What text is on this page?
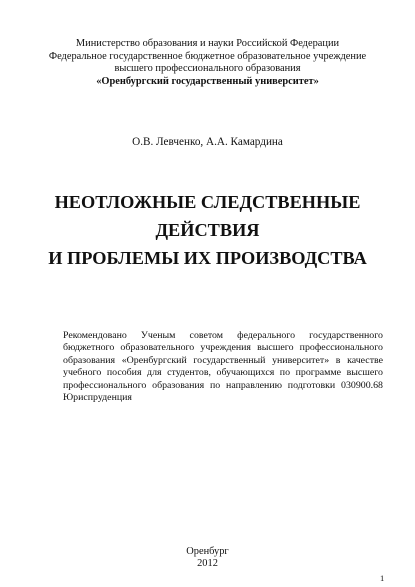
Министерство образования и науки Российской Федерации
Федеральное государственное бюджетное образовательное учреждение
высшего профессионального образования
«Оренбургский государственный университет»
О.В. Левченко, А.А. Камардина
НЕОТЛОЖНЫЕ СЛЕДСТВЕННЫЕ
ДЕЙСТВИЯ
И ПРОБЛЕМЫ ИХ ПРОИЗВОДСТВА
Рекомендовано Ученым советом федерального государственного бюджетного образовательного учреждения высшего профессионального образования «Оренбургский государственный университет» в качестве учебного пособия для студентов, обучающихся по программе высшего профессионального образования по направлению подготовки 030900.68 Юриспруденция
Оренбург
2012
1
